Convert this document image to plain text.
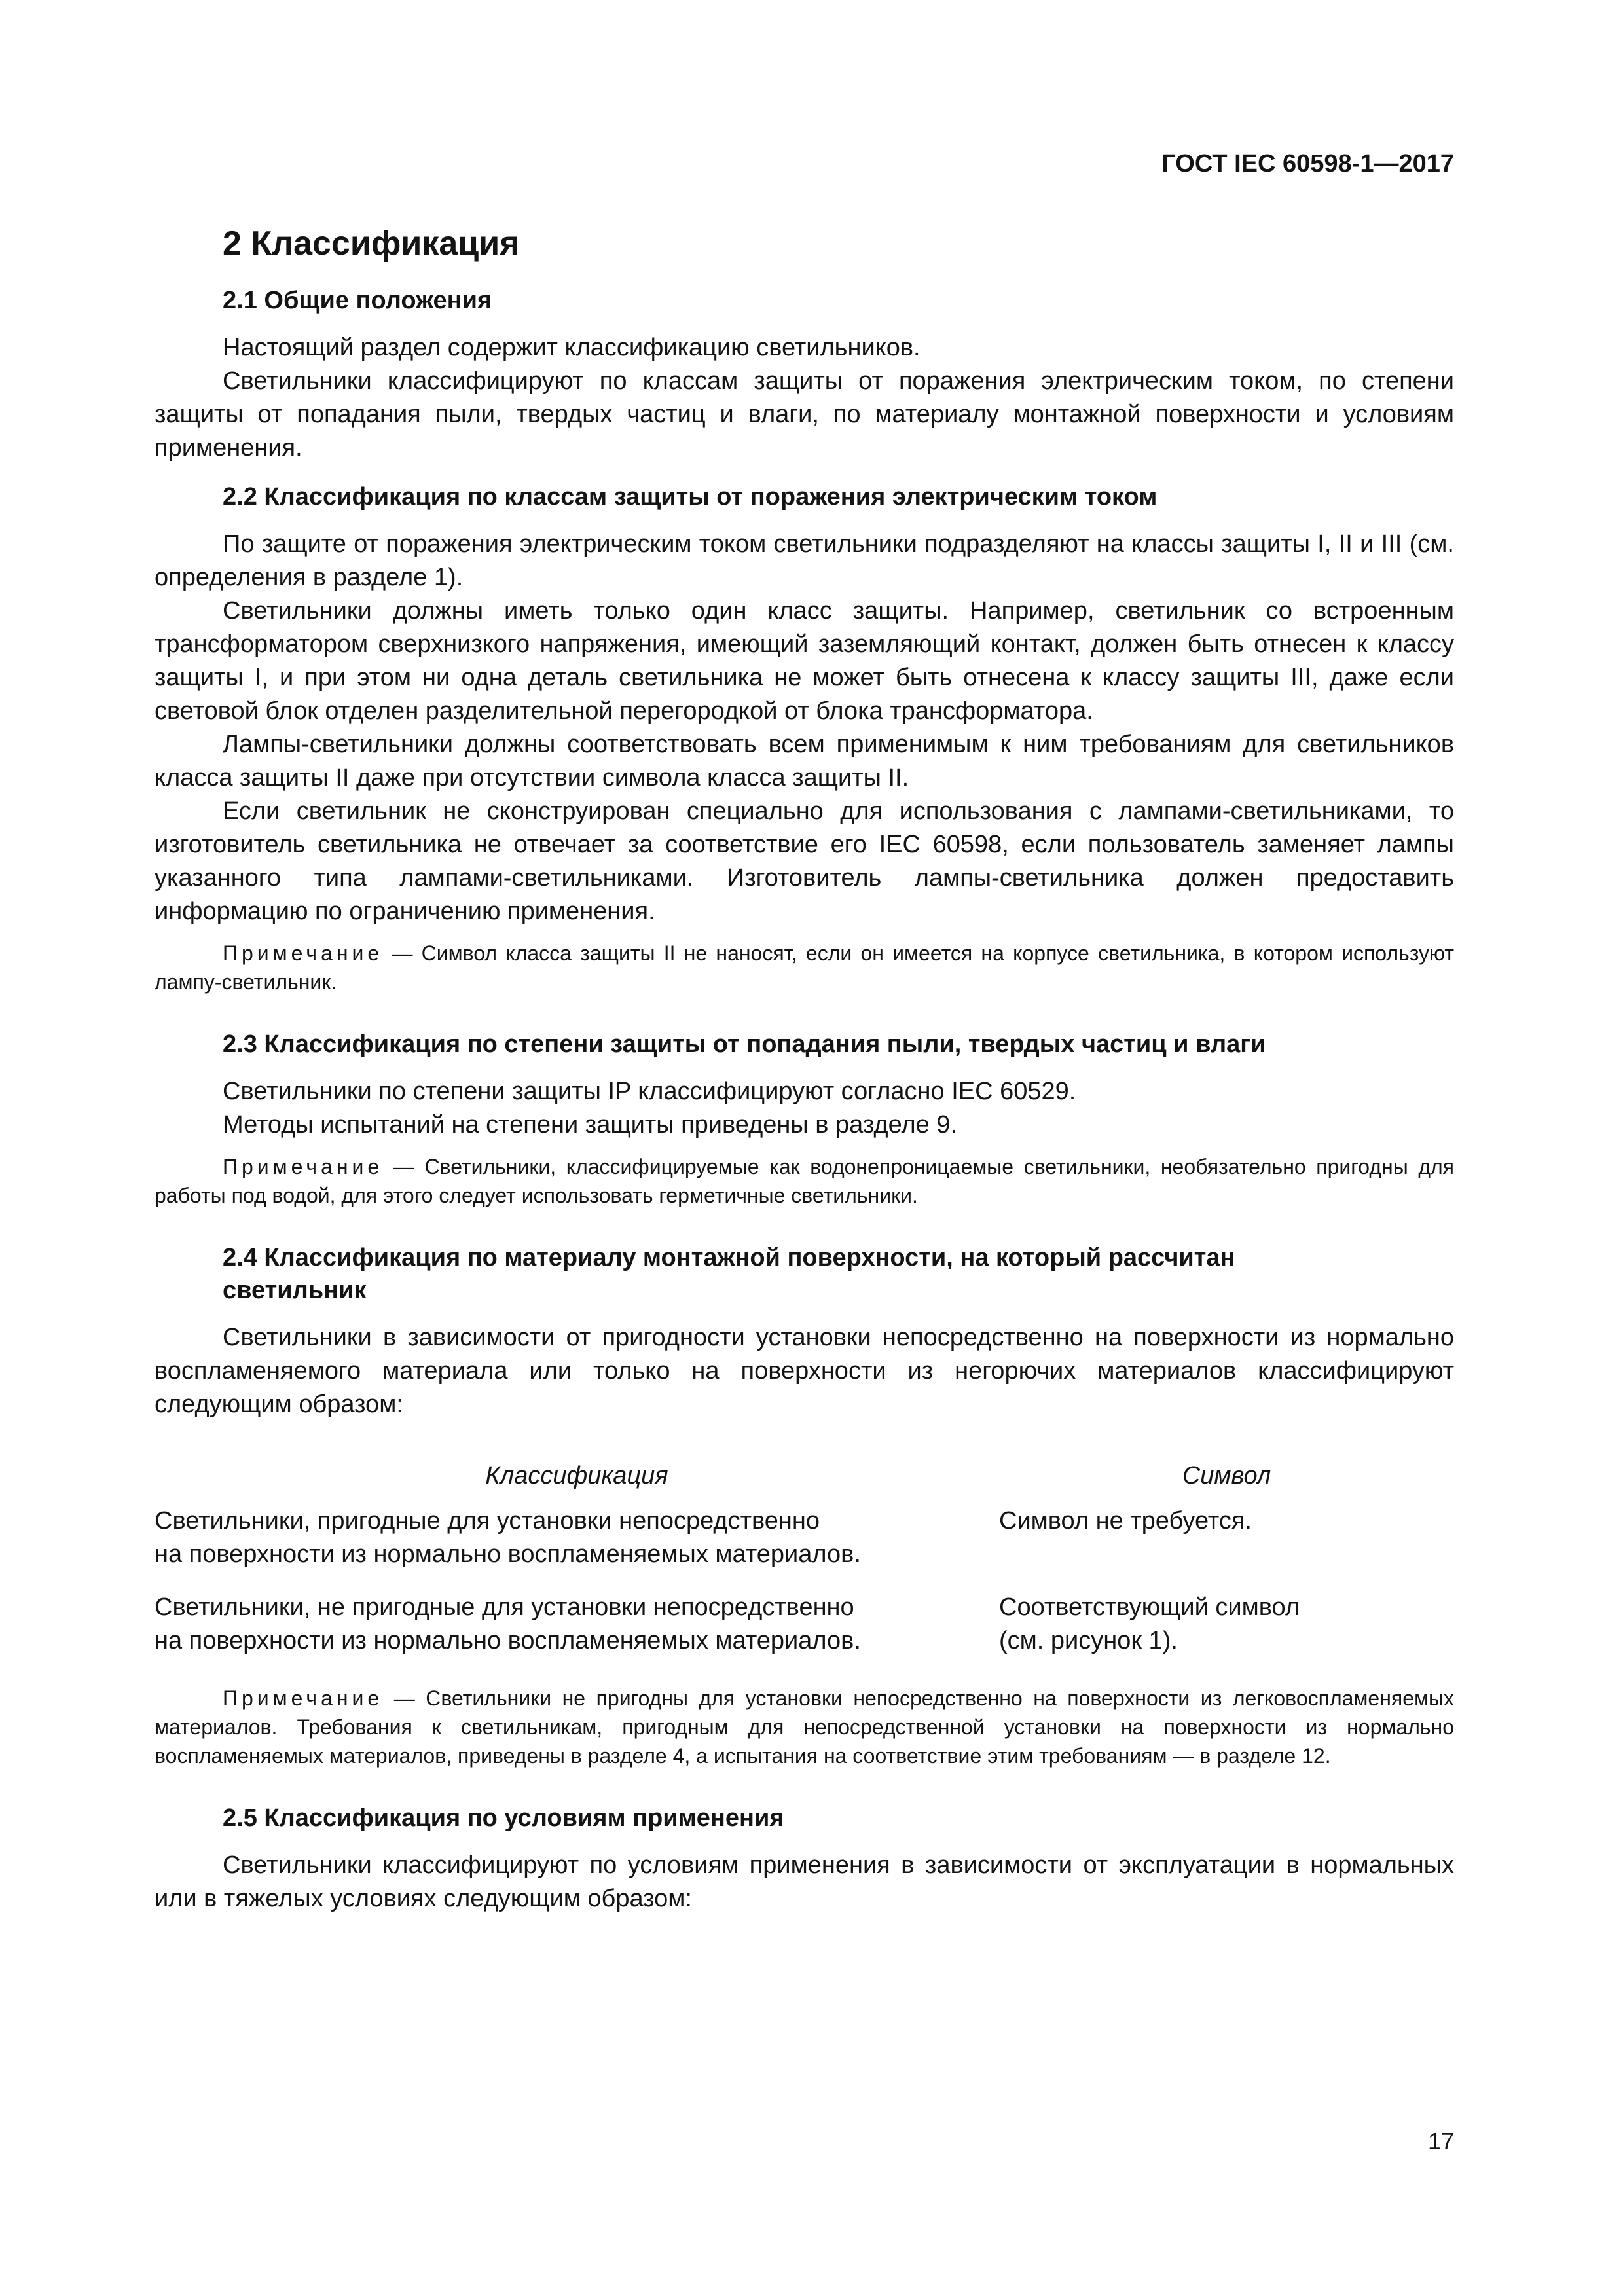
ГОСТ IEC 60598-1—2017
2 Классификация
2.1 Общие положения

Настоящий раздел содержит классификацию светильников.

Светильники классифицируют по классам защиты от поражения электрическим током, по степени защиты от попадания пыли, твердых частиц и влаги, по материалу монтажной поверхности и условиям применения.

2.2 Классификация по классам защиты от поражения электрическим током

По защите от поражения электрическим током светильники подразделяют на классы защиты I, II и III (см. определения в разделе 1).

Светильники должны иметь только один класс защиты. Например, светильник со встроенным трансформатором сверхнизкого напряжения, имеющий заземляющий контакт, должен быть отнесен к классу защиты I, и при этом ни одна деталь светильника не может быть отнесена к классу защиты III, даже если световой блок отделен разделительной перегородкой от блока трансформатора.

Лампы-светильники должны соответствовать всем применимым к ним требованиям для светильников класса защиты II даже при отсутствии символа класса защиты II.

Если светильник не сконструирован специально для использования с лампами-светильниками, то изготовитель светильника не отвечает за соответствие его IEC 60598, если пользователь заменяет лампы указанного типа лампами-светильниками. Изготовитель лампы-светильника должен предоставить информацию по ограничению применения.

Примечание — Символ класса защиты II не наносят, если он имеется на корпусе светильника, в котором используют лампу-светильник.

2.3 Классификация по степени защиты от попадания пыли, твердых частиц и влаги

Светильники по степени защиты IP классифицируют согласно IEC 60529.

Методы испытаний на степени защиты приведены в разделе 9.

Примечание — Светильники, классифицируемые как водонепроницаемые светильники, необязательно пригодны для работы под водой, для этого следует использовать герметичные светильники.

2.4 Классификация по материалу монтажной поверхности, на который рассчитан
светильник

Светильники в зависимости от пригодности установки непосредственно на поверхности из нормально воспламеняемого материала или только на поверхности из негорючих материалов классифицируют следующим образом:

Классификация	Символ
Светильники, пригодные для установки непосредственно
на поверхности из нормально воспламеняемых материалов.	Символ не требуется.
Светильники, не пригодные для установки непосредственно
на поверхности из нормально воспламеняемых материалов.	Соответствующий символ
(см. рисунок 1).

Примечание — Светильники не пригодны для установки непосредственно на поверхности из легковоспламеняемых материалов. Требования к светильникам, пригодным для непосредственной установки на поверхности из нормально воспламеняемых материалов, приведены в разделе 4, а испытания на соответствие этим требованиям — в разделе 12.

2.5 Классификация по условиям применения

Светильники классифицируют по условиям применения в зависимости от эксплуатации в нормальных или в тяжелых условиях следующим образом:

17
